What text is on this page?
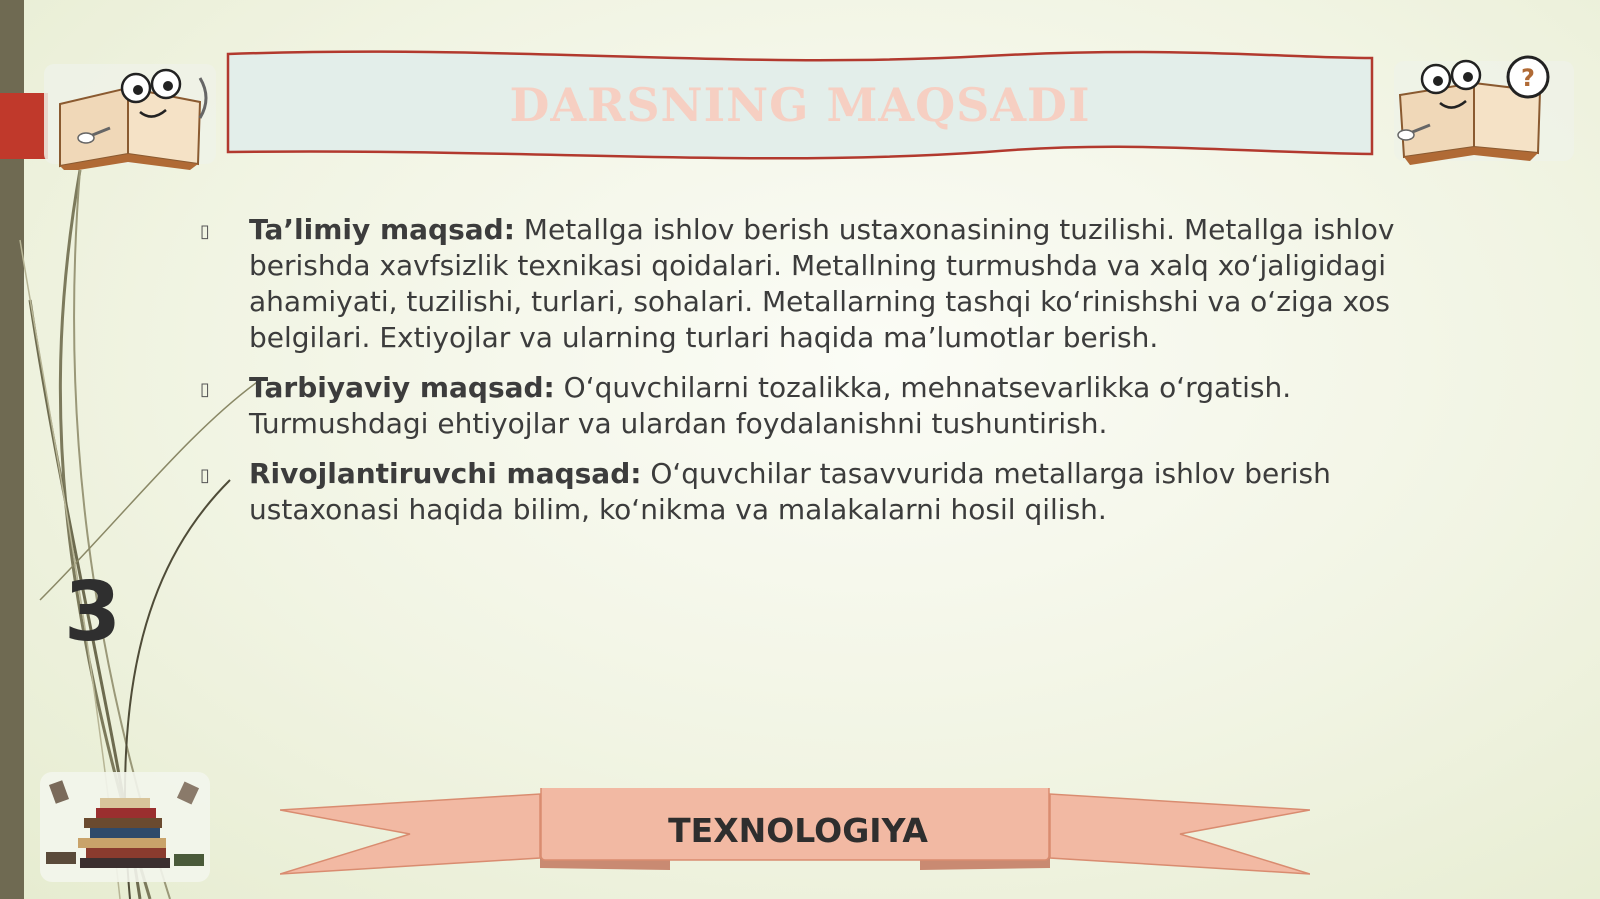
DARSNING MAQSADI	?
▯ Ta’limiy maqsad: Metallga ishlov berish ustaxonasining tuzilishi. Metallga ishlov berishda xavfsizlik texnikasi qoidalari. Metallning turmushda va xalq xo‘jaligidagi ahamiyati, tuzilishi, turlari, sohalari. Metallarning tashqi ko‘rinishshi va o‘ziga xos belgilari. Extiyojlar va ularning turlari haqida ma’lumotlar berish.
▯ Tarbiyaviy maqsad: O‘quvchilarni tozalikka, mehnatsevarlikka o‘rgatish. Turmushdagi ehtiyojlar va ulardan foydalanishni tushuntirish.
▯ Rivojlantiruvchi maqsad: O‘quvchilar tasavvurida metallarga ishlov berish ustaxonasi haqida bilim, ko‘nikma va malakalarni hosil qilish.
3
TEXNOLOGIYA
